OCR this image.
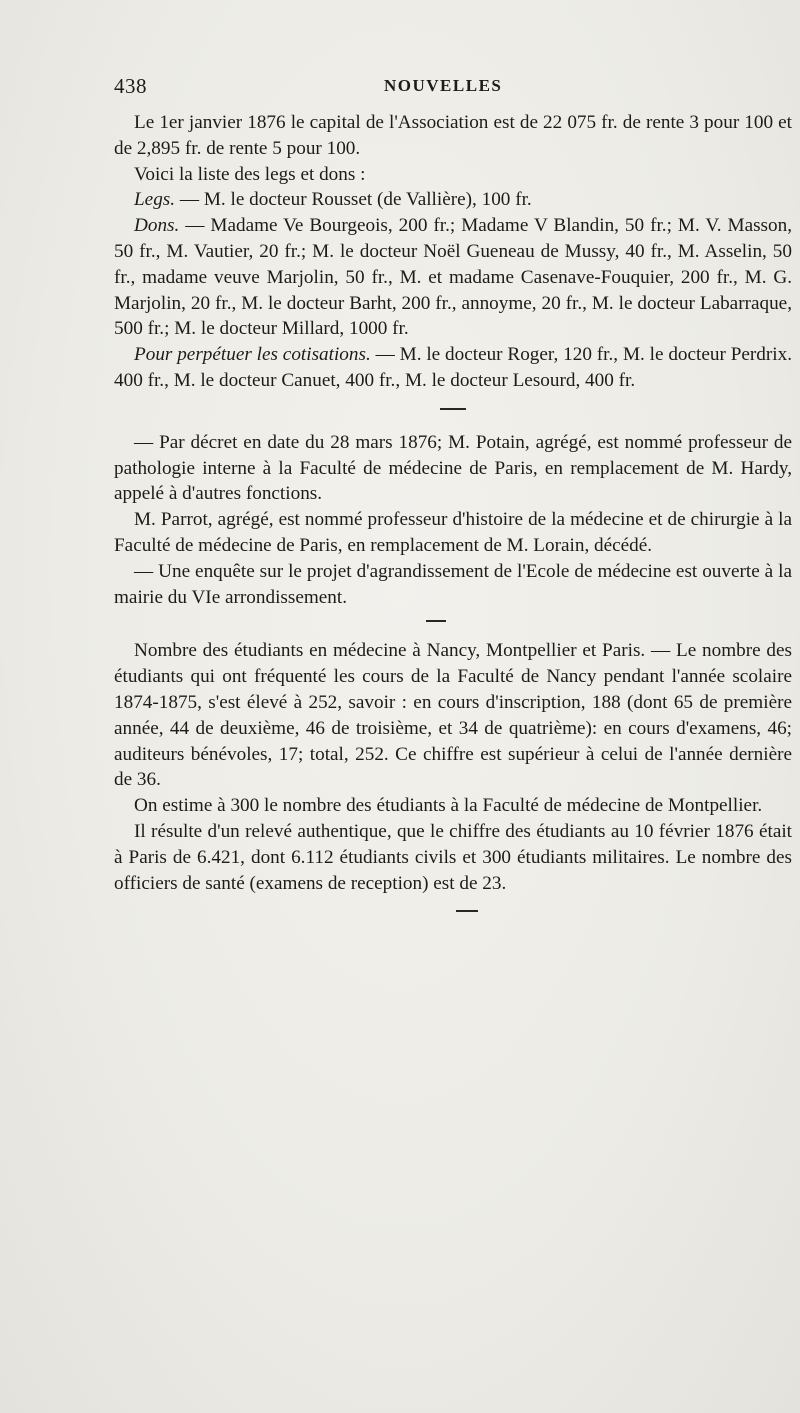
438	NOUVELLES

Le 1er janvier 1876 le capital de l'Association est de 22 075 fr. de rente 3 pour 100 et de 2,895 fr. de rente 5 pour 100.

Voici la liste des legs et dons :

Legs. — M. le docteur Rousset (de Vallière), 100 fr.

Dons. — Madame Ve Bourgeois, 200 fr.; Madame V Blandin, 50 fr.; M. V. Masson, 50 fr., M. Vautier, 20 fr.; M. le docteur Noël Gueneau de Mussy, 40 fr., M. Asselin, 50 fr., madame veuve Marjolin, 50 fr., M. et madame Casenave-Fouquier, 200 fr., M. G. Marjolin, 20 fr., M. le docteur Barht, 200 fr., annoyme, 20 fr., M. le docteur Labarraque, 500 fr.; M. le docteur Millard, 1000 fr.

Pour perpétuer les cotisations. — M. le docteur Roger, 120 fr., M. le docteur Perdrix. 400 fr., M. le docteur Canuet, 400 fr., M. le docteur Lesourd, 400 fr.

— Par décret en date du 28 mars 1876; M. Potain, agrégé, est nommé professeur de pathologie interne à la Faculté de médecine de Paris, en remplacement de M. Hardy, appelé à d'autres fonctions.

M. Parrot, agrégé, est nommé professeur d'histoire de la médecine et de chirurgie à la Faculté de médecine de Paris, en remplacement de M. Lorain, décédé.

— Une enquête sur le projet d'agrandissement de l'Ecole de médecine est ouverte à la mairie du VIe arrondissement.

Nombre des étudiants en médecine à Nancy, Montpellier et Paris. — Le nombre des étudiants qui ont fréquenté les cours de la Faculté de Nancy pendant l'année scolaire 1874-1875, s'est élevé à 252, savoir : en cours d'inscription, 188 (dont 65 de première année, 44 de deuxième, 46 de troisième, et 34 de quatrième): en cours d'examens, 46; auditeurs bénévoles, 17; total, 252. Ce chiffre est supérieur à celui de l'année dernière de 36.

On estime à 300 le nombre des étudiants à la Faculté de médecine de Montpellier.

Il résulte d'un relevé authentique, que le chiffre des étudiants au 10 février 1876 était à Paris de 6.421, dont 6.112 étudiants civils et 300 étudiants militaires. Le nombre des officiers de santé (examens de reception) est de 23.
